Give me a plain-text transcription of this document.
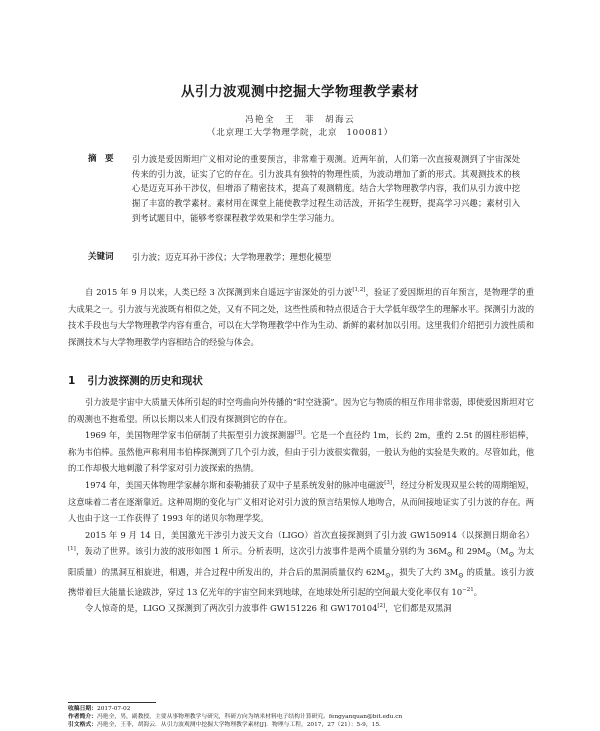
从引力波观测中挖掘大学物理教学素材
冯艳全　王　菲　胡海云
（北京理工大学物理学院，北京　100081）
摘　要	引力波是爱因斯坦广义相对论的重要预言，非常难于观测。近两年前，人们第一次直接观测到了宇宙深处传来的引力波，证实了它的存在。引力波具有独特的物理性质，为波动增加了新的形式。其观测技术的核心是迈克耳孙干涉仪，但增添了精密技术，提高了观测精度。结合大学物理教学内容，我们从引力波中挖掘了丰富的教学素材。素材用在课堂上能使教学过程生动活泼，开拓学生视野，提高学习兴趣；素材引入到考试题目中，能够考察课程教学效果和学生学习能力。
关键词	引力波；迈克耳孙干涉仪；大学物理教学；理想化模型

自 2015 年 9 月以来，人类已经 3 次探测到来自遥远宇宙深处的引力波[1,2]，验证了爱因斯坦的百年预言，是物理学的重大成果之一。引力波与光波既有相似之处，又有不同之处，这些性质和特点很适合于大学低年级学生的理解水平。探测引力波的技术手段也与大学物理教学内容有重合，可以在大学物理教学中作为生动、新鲜的素材加以引用。这里我们介绍把引力波性质和探测技术与大学物理教学内容相结合的经验与体会。

1 引力波探测的历史和现状

引力波是宇宙中大质量天体所引起的时空弯曲向外传播的“时空涟漪”。因为它与物质的相互作用非常弱，即使爱因斯坦对它的观测也不抱希望。所以长期以来人们没有探测到它的存在。

1969 年，美国物理学家韦伯研制了共振型引力波探测器[3]。它是一个直径约 1m，长约 2m，重约 2.5t 的圆柱形铝棒，称为韦伯棒。虽然他声称利用韦伯棒探测到了几个引力波，但由于引力波很实微弱，一般认为他的实验是失败的。尽管如此，他的工作却极大地刺激了科学家对引力波探索的热情。

1974 年，美国天体物理学家赫尔斯和泰勒捕获了双中子星系统发射的脉冲电磁波[3]，经过分析发现双星公转的周期缩短，这意味着二者在逐渐靠近。这种周期的变化与广义相对论对引力波的预言结果惊人地吻合，从而间接地证实了引力波的存在。两人也由于这一工作获得了 1993 年的诺贝尔物理学奖。

2015 年 9 月 14 日，美国激光干涉引力波天文台（LIGO）首次直接探测到了引力波 GW150914（以探测日期命名）[1]，轰动了世界。该引力波的波形如图 1 所示。分析表明，这次引力波事件是两个质量分别约为 $36M_⊙$ 和 $29M_⊙(M_⊙$ 为太阳质量）的黑洞互相旋进，相遇，并合过程中所发出的，并合后的黑洞质量仅约 $62M_⊙$，损失了大约 $3M_⊙$ 的质量。该引力波携带着巨大能量长途跋涉，穿过 13 亿光年的宇宙空间来到地球，在地球处所引起的空间最大变化率仅有 $10^{-21}$。

令人惊奇的是，LIGO 又探测到了两次引力波事件 GW151226 和 GW170104[2]，它们都是双黑洞

收稿日期：2017-07-02
作者简介：冯艳全，男，副教授，主要从事物理教学与研究，科研方向为纳米材料电子结构计算研究。fengyanquan@bit.edu.cn
引文格式：冯艳全，王菲，胡海云．从引力波观测中挖掘大学物理教学素材[J]．物理与工程，2017，27（21）：5-9，15．
